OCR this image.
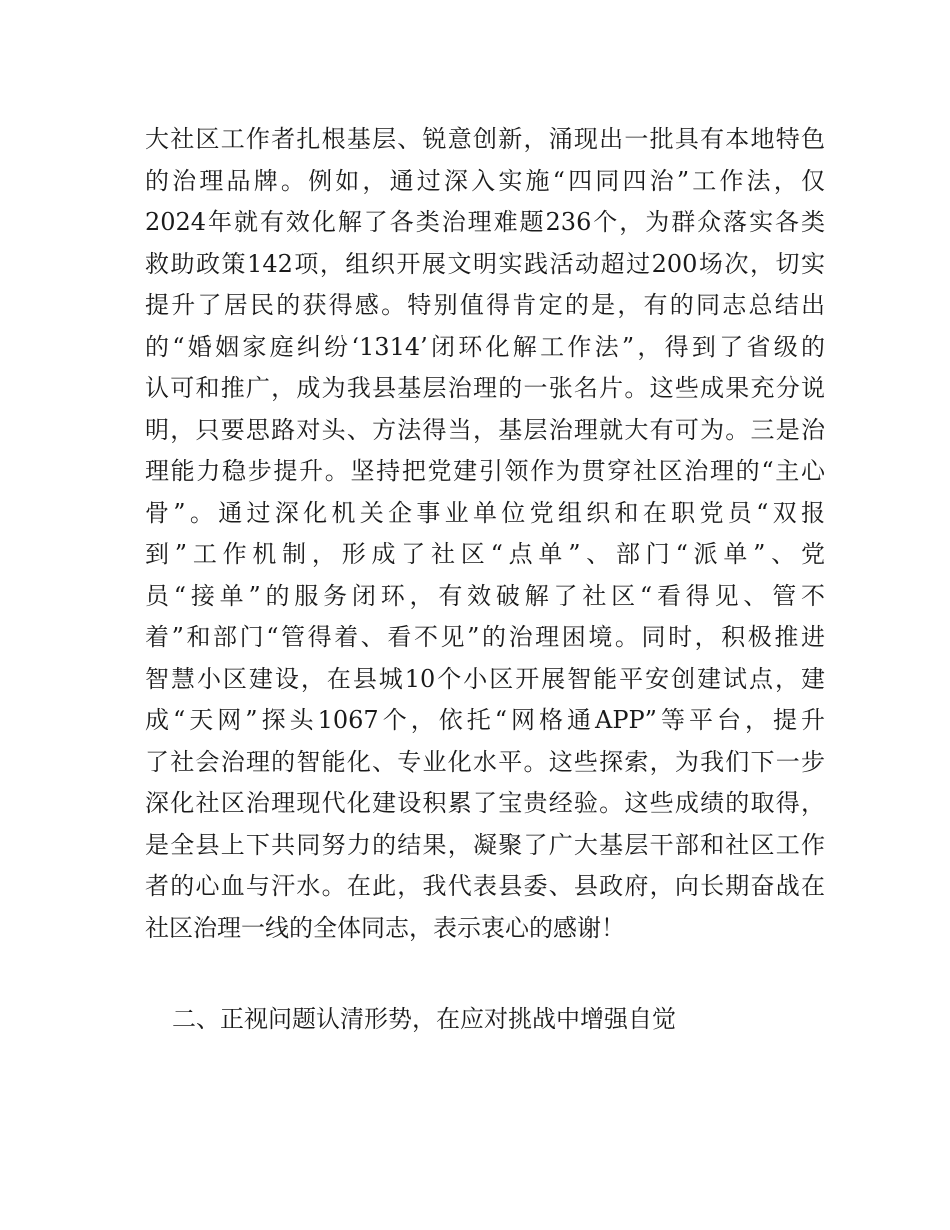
大社区工作者扎根基层、锐意创新，涌现出一批具有本地特色
的治理品牌。例如，通过深入实施“四同四治”工作法，仅
2024年就有效化解了各类治理难题236个，为群众落实各类
救助政策142项，组织开展文明实践活动超过200场次，切实
提升了居民的获得感。特别值得肯定的是，有的同志总结出
的“婚姻家庭纠纷‘1314’闭环化解工作法”，得到了省级的
认可和推广，成为我县基层治理的一张名片。这些成果充分说
明，只要思路对头、方法得当，基层治理就大有可为。三是治
理能力稳步提升。坚持把党建引领作为贯穿社区治理的“主心
骨”。通过深化机关企事业单位党组织和在职党员“双报
到”工作机制，形成了社区“点单”、部门“派单”、党
员“接单”的服务闭环，有效破解了社区“看得见、管不
着”和部门“管得着、看不见”的治理困境。同时，积极推进
智慧小区建设，在县城10个小区开展智能平安创建试点，建
成“天网”探头1067个，依托“网格通APP”等平台，提升
了社会治理的智能化、专业化水平。这些探索，为我们下一步
深化社区治理现代化建设积累了宝贵经验。这些成绩的取得，
是全县上下共同努力的结果，凝聚了广大基层干部和社区工作
者的心血与汗水。在此，我代表县委、县政府，向长期奋战在
社区治理一线的全体同志，表示衷心的感谢！
二、正视问题认清形势，在应对挑战中增强自觉
